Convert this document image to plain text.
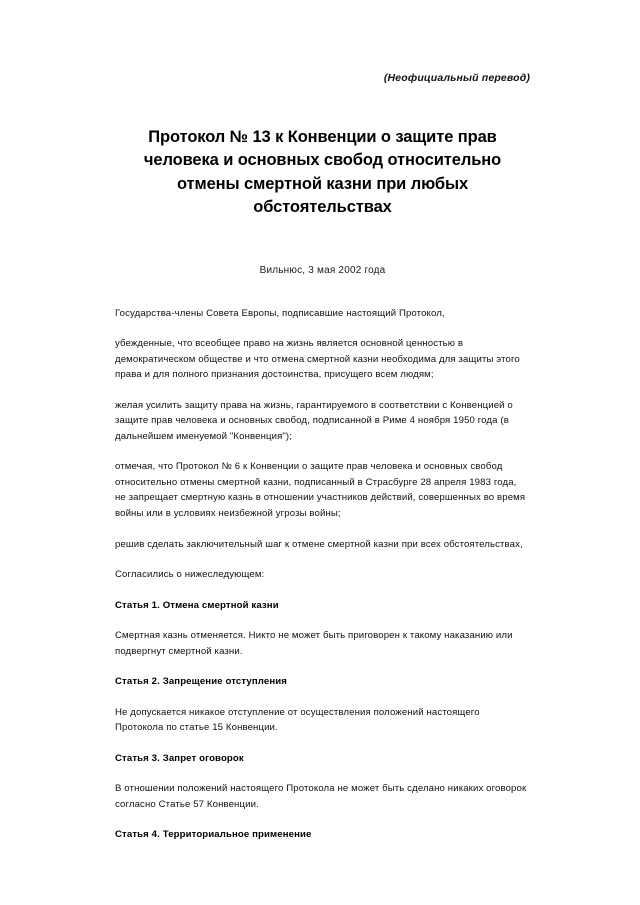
(Неофициальный перевод)

Протокол № 13 к Конвенции о защите прав человека и основных свобод относительно отмены смертной казни при любых обстоятельствах

Вильнюс, 3 мая 2002 года

Государства-члены Совета Европы, подписавшие настоящий Протокол,

убежденные, что всеобщее право на жизнь является основной ценностью в демократическом обществе и что отмена смертной казни необходима для защиты этого права и для полного признания достоинства, присущего всем людям;

желая усилить защиту права на жизнь, гарантируемого в соответствии с Конвенцией о защите прав человека и основных свобод, подписанной в Риме 4 ноября 1950 года (в дальнейшем именуемой "Конвенция");

отмечая, что Протокол № 6 к Конвенции о защите прав человека и основных свобод относительно отмены смертной казни, подписанный в Страсбурге 28 апреля 1983 года, не запрещает смертную казнь в отношении участников действий, совершенных во время войны или в условиях неизбежной угрозы войны;

решив сделать заключительный шаг к отмене смертной казни при всех обстоятельствах,

Согласились о нижеследующем:

Статья 1. Отмена смертной казни

Смертная казнь отменяется. Никто не может быть приговорен к такому наказанию или подвергнут смертной казни.

Статья 2. Запрещение отступления

Не допускается никакое отступление от осуществления положений настоящего Протокола по статье 15 Конвенции.

Статья 3. Запрет оговорок

В отношении положений настоящего Протокола не может быть сделано никаких оговорок согласно Статье 57 Конвенции.

Статья 4. Территориальное применение
